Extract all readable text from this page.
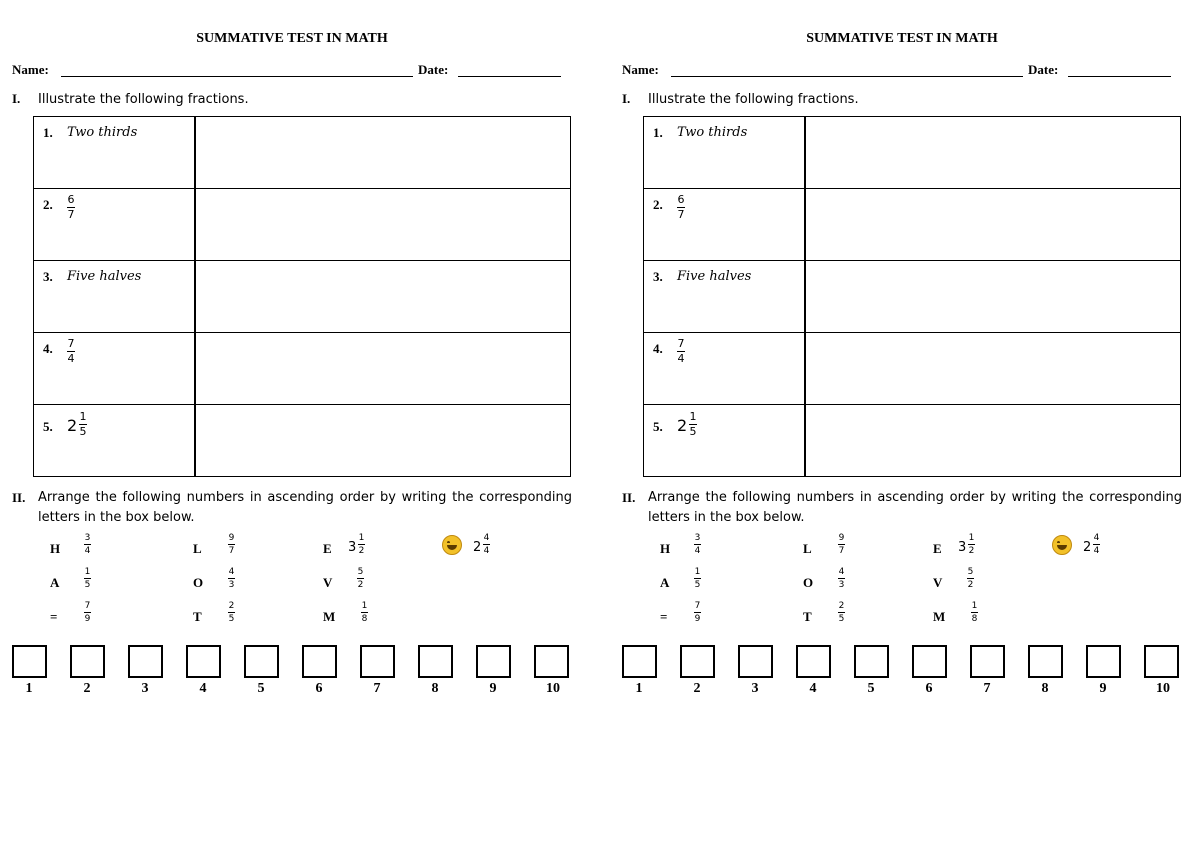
SUMMATIVE TEST IN MATH
Name:	Date:
I. Illustrate the following fractions.
1. Two thirds	

2. 6
7	

3. Five halves	

4. 7
4	

5. 2 1
5	

II. Arrange the following numbers in ascending order by writing the corresponding letters in the box below.
H
3
4	L
9
7	E 3
1
2	2
4
4
A
1
5	O
4
3	V
5
2
=
7
9	T
2
5	M
1
8
1	2	3	4	5	6	7	8	9	10
SUMMATIVE TEST IN MATH
Name:	Date:
I. Illustrate the following fractions.
1. Two thirds	

2. 6
7	

3. Five halves	

4. 7
4	

5. 2 1
5	

II. Arrange the following numbers in ascending order by writing the corresponding letters in the box below.
H
3
4	L
9
7	E 3
1
2	2
4
4
A
1
5	O
4
3	V
5
2
=
7
9	T
2
5	M
1
8
1	2	3	4	5	6	7	8	9	10
